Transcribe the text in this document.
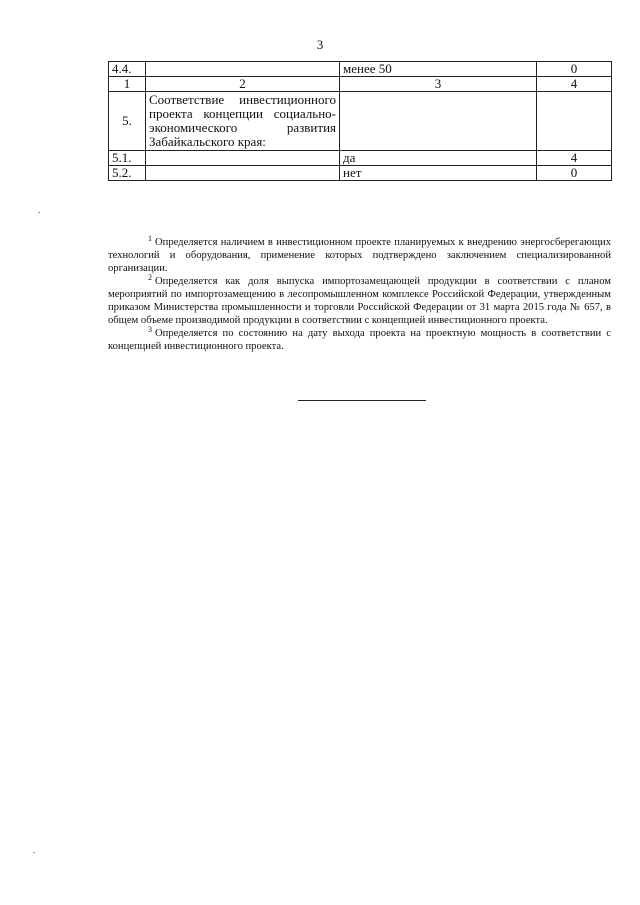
3
4.4.		менее 50	0
1	2	3	4
5.	Соответствие инвестиционного проекта концепции социально-экономического развития Забайкальского края:		
5.1.		да	4
5.2.		нет	0

$^1$ Определяется наличием в инвестиционном проекте планируемых к внедрению энергосберегающих технологий и оборудования, применение которых подтверждено заключением специализированной организации.

$^2$ Определяется как доля выпуска импортозамещающей продукции в соответствии с планом мероприятий по импортозамещению в лесопромышленном комплексе Российской Федерации, утвержденным приказом Министерства промышленности и торговли Российской Федерации от 31 марта 2015 года № 657, в общем объеме производимой продукции в соответствии с концепцией инвестиционного проекта.

$^3$ Определяется по состоянию на дату выхода проекта на проектную мощность в соответствии с концепцией инвестиционного проекта.
